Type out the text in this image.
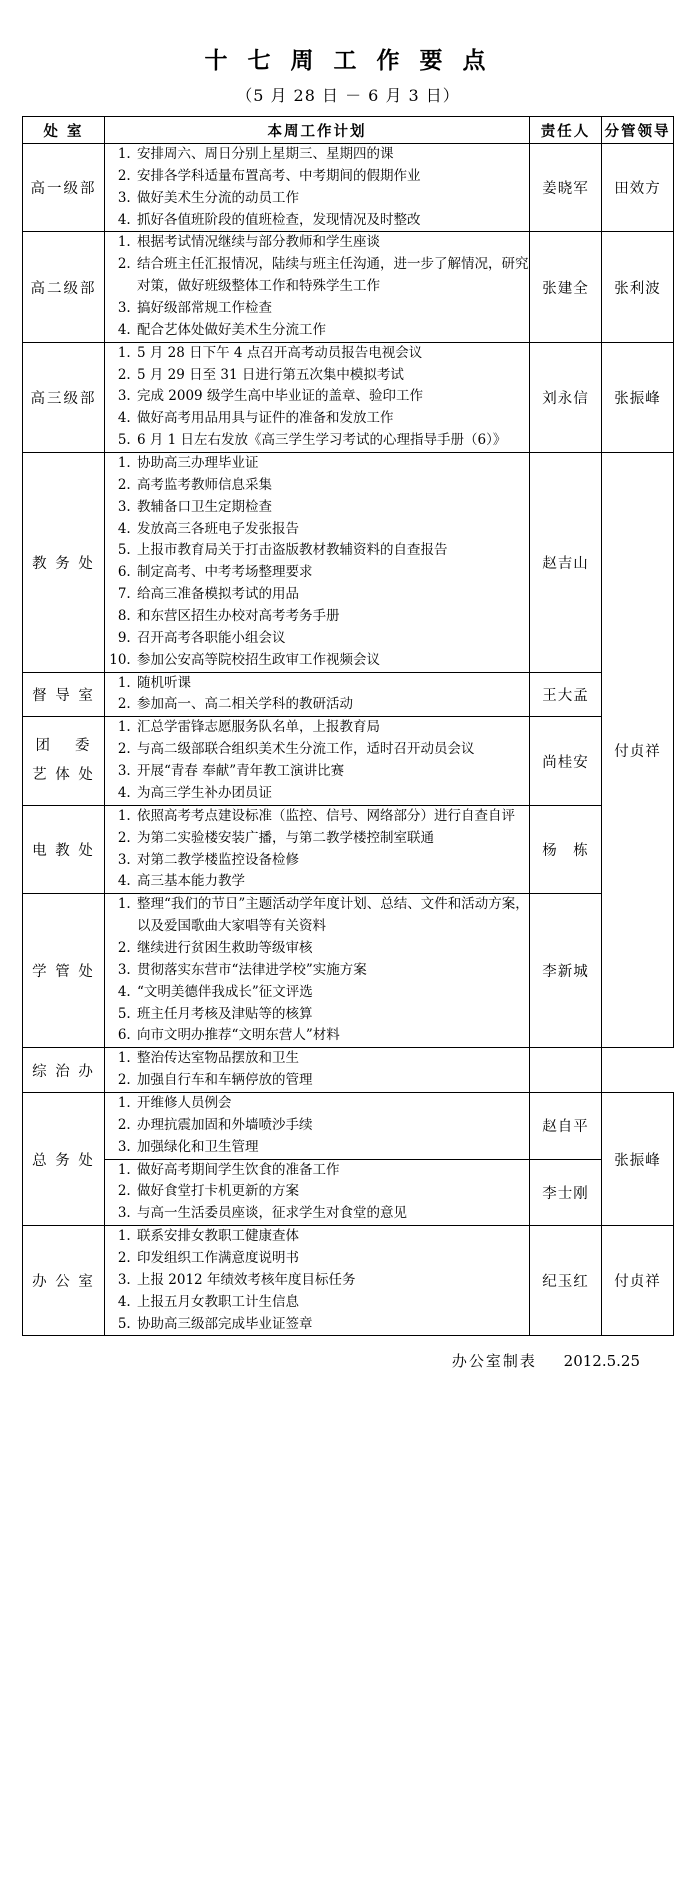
十 七 周 工 作 要 点
（5 月 28 日 － 6 月 3 日）
处 室	本周工作计划	责任人	分管领导
高一级部	
1. 安排周六、周日分别上星期三、星期四的课
2. 安排各学科适量布置高考、中考期间的假期作业
3. 做好美术生分流的动员工作
4. 抓好各值班阶段的值班检查，发现情况及时整改
	姜晓军	田效方
高二级部	
1. 根据考试情况继续与部分教师和学生座谈
2. 结合班主任汇报情况，陆续与班主任沟通，进一步了解情况，研究对策，做好班级整体工作和特殊学生工作
3. 搞好级部常规工作检查
4. 配合艺体处做好美术生分流工作
	张建全	张利波
高三级部	
1. 5 月 28 日下午 4 点召开高考动员报告电视会议
2. 5 月 29 日至 31 日进行第五次集中模拟考试
3. 完成 2009 级学生高中毕业证的盖章、验印工作
4. 做好高考用品用具与证件的准备和发放工作
5. 6 月 1 日左右发放《高三学生学习考试的心理指导手册（6）》
	刘永信	张振峰
教 务 处	
1. 协助高三办理毕业证
2. 高考监考教师信息采集
3. 教辅备口卫生定期检查
4. 发放高三各班电子发张报告
5. 上报市教育局关于打击盗版教材教辅资料的自查报告
6. 制定高考、中考考场整理要求
7. 给高三准备模拟考试的用品
8. 和东营区招生办校对高考考务手册
9. 召开高考各职能小组会议
10. 参加公安高等院校招生政审工作视频会议
	赵吉山	付贞祥
督 导 室	
1. 随机听课
2. 参加高一、高二相关学科的教研活动
	王大孟

团　 委
艺 体 处

1. 汇总学雷锋志愿服务队名单，上报教育局
2. 与高二级部联合组织美术生分流工作，适时召开动员会议
3. 开展“青春 奉献”青年教工演讲比赛
4. 为高三学生补办团员证
	尚桂安
电 教 处	
1. 依照高考考点建设标准（监控、信号、网络部分）进行自查自评
2. 为第二实验楼安装广播，与第二教学楼控制室联通
3. 对第二教学楼监控设备检修
4. 高三基本能力教学
	杨　栋
学 管 处	
1. 整理“我们的节日”主题活动学年度计划、总结、文件和活动方案，以及爱国歌曲大家唱等有关资料
2. 继续进行贫困生救助等级审核
3. 贯彻落实东营市“法律进学校”实施方案
4. “文明美德伴我成长”征文评选
5. 班主任月考核及津贴等的核算
6. 向市文明办推荐“文明东营人”材料
	李新城
综 治 办	
1. 整治传达室物品摆放和卫生
2. 加强自行车和车辆停放的管理

总 务 处	
1. 开维修人员例会
2. 办理抗震加固和外墙喷沙手续
3. 加强绿化和卫生管理
	赵自平	张振峰

1. 做好高考期间学生饮食的准备工作
2. 做好食堂打卡机更新的方案
3. 与高一生活委员座谈，征求学生对食堂的意见
	李士刚
办 公 室	
1. 联系安排女教职工健康查体
2. 印发组织工作满意度说明书
3. 上报 2012 年绩效考核年度目标任务
4. 上报五月女教职工计生信息
5. 协助高三级部完成毕业证签章
	纪玉红	付贞祥
办公室制表 2012.5.25
